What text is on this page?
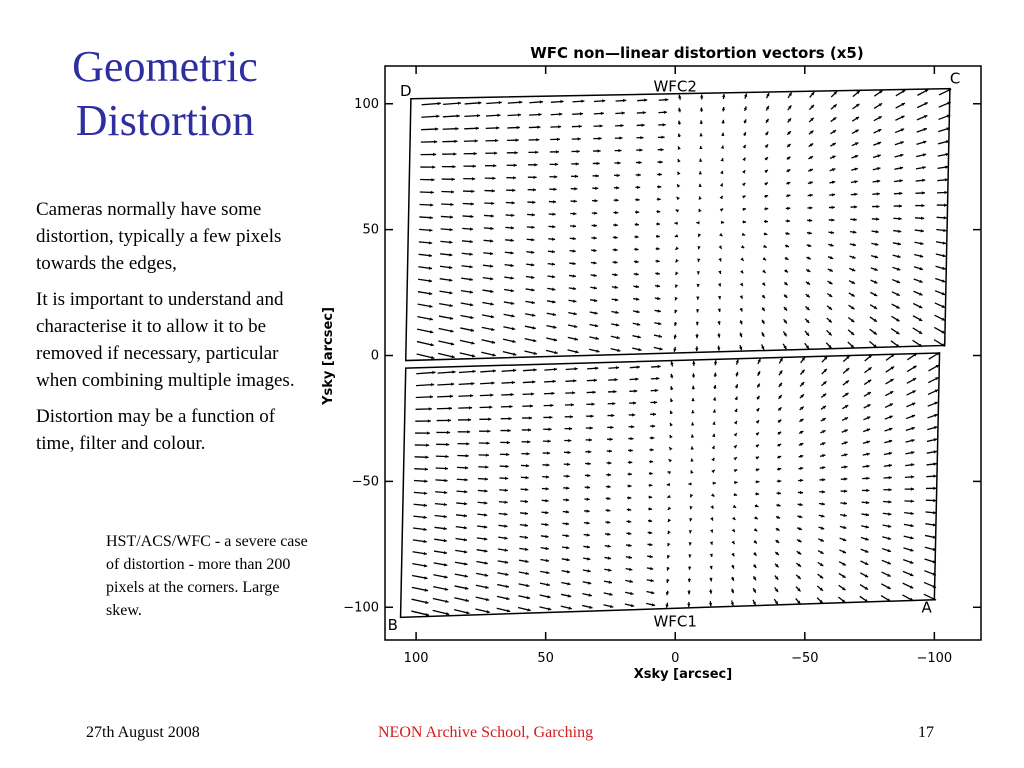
Geometric
Distortion

Cameras normally have some distortion, typically a few pixels towards the edges,

It is important to understand and characterise it to allow it to be removed if necessary, particular when combining multiple images.

Distortion may be a function of time, filter and colour.

HST/ACS/WFC - a severe case of distortion - more than 200 pixels at the corners. Large skew.
WFC non—linear distortion vectors (x5)
100	50	0	−50	−100
100
50
0
−50
−100
WFC2
WFC1
D
C
B
A
Xsky [arcsec]
Ysky [arcsec]
27th August 2008	NEON Archive School, Garching	17
